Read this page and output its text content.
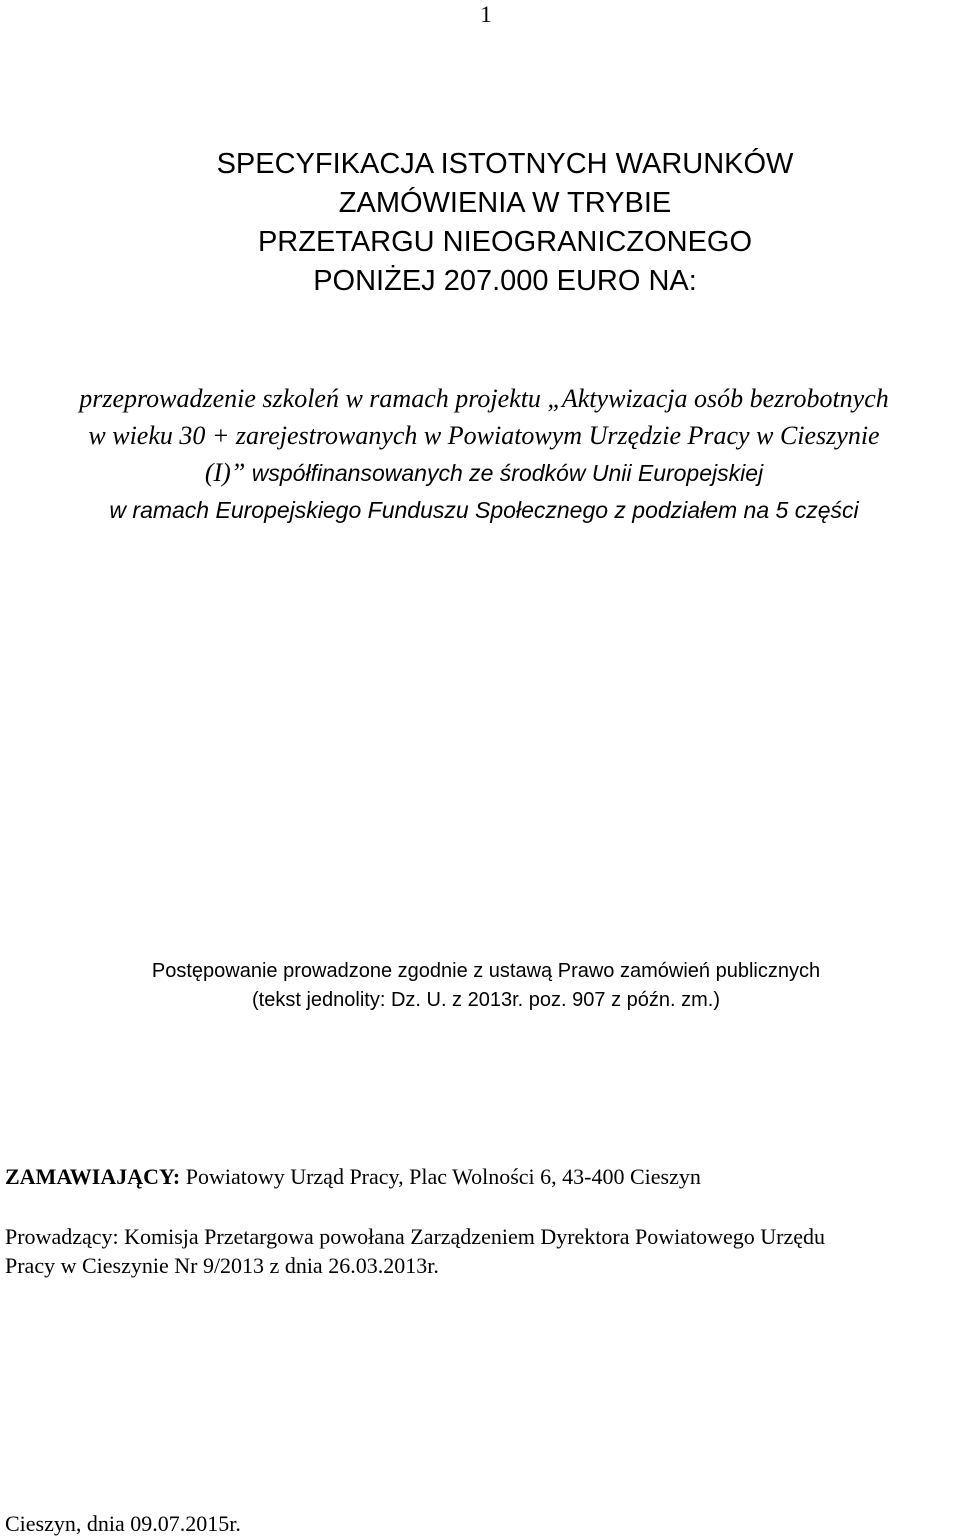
1
SPECYFIKACJA ISTOTNYCH WARUNKÓW
ZAMÓWIENIA W TRYBIE
PRZETARGU NIEOGRANICZONEGO
PONIŻEJ 207.000 EURO NA:
przeprowadzenie szkoleń w ramach projektu „Aktywizacja osób bezrobotnych
w wieku 30 + zarejestrowanych w Powiatowym Urzędzie Pracy w Cieszynie
(I)” współfinansowanych ze środków Unii Europejskiej
w ramach Europejskiego Funduszu Społecznego z podziałem na 5 części
Postępowanie prowadzone zgodnie z ustawą Prawo zamówień publicznych
(tekst jednolity: Dz. U. z 2013r. poz. 907 z późn. zm.)

ZAMAWIAJĄCY: Powiatowy Urząd Pracy, Plac Wolności 6, 43-400 Cieszyn

Prowadzący: Komisja Przetargowa powołana Zarządzeniem Dyrektora Powiatowego Urzędu
Pracy w Cieszynie Nr 9/2013 z dnia 26.03.2013r.

Cieszyn, dnia 09.07.2015r.
